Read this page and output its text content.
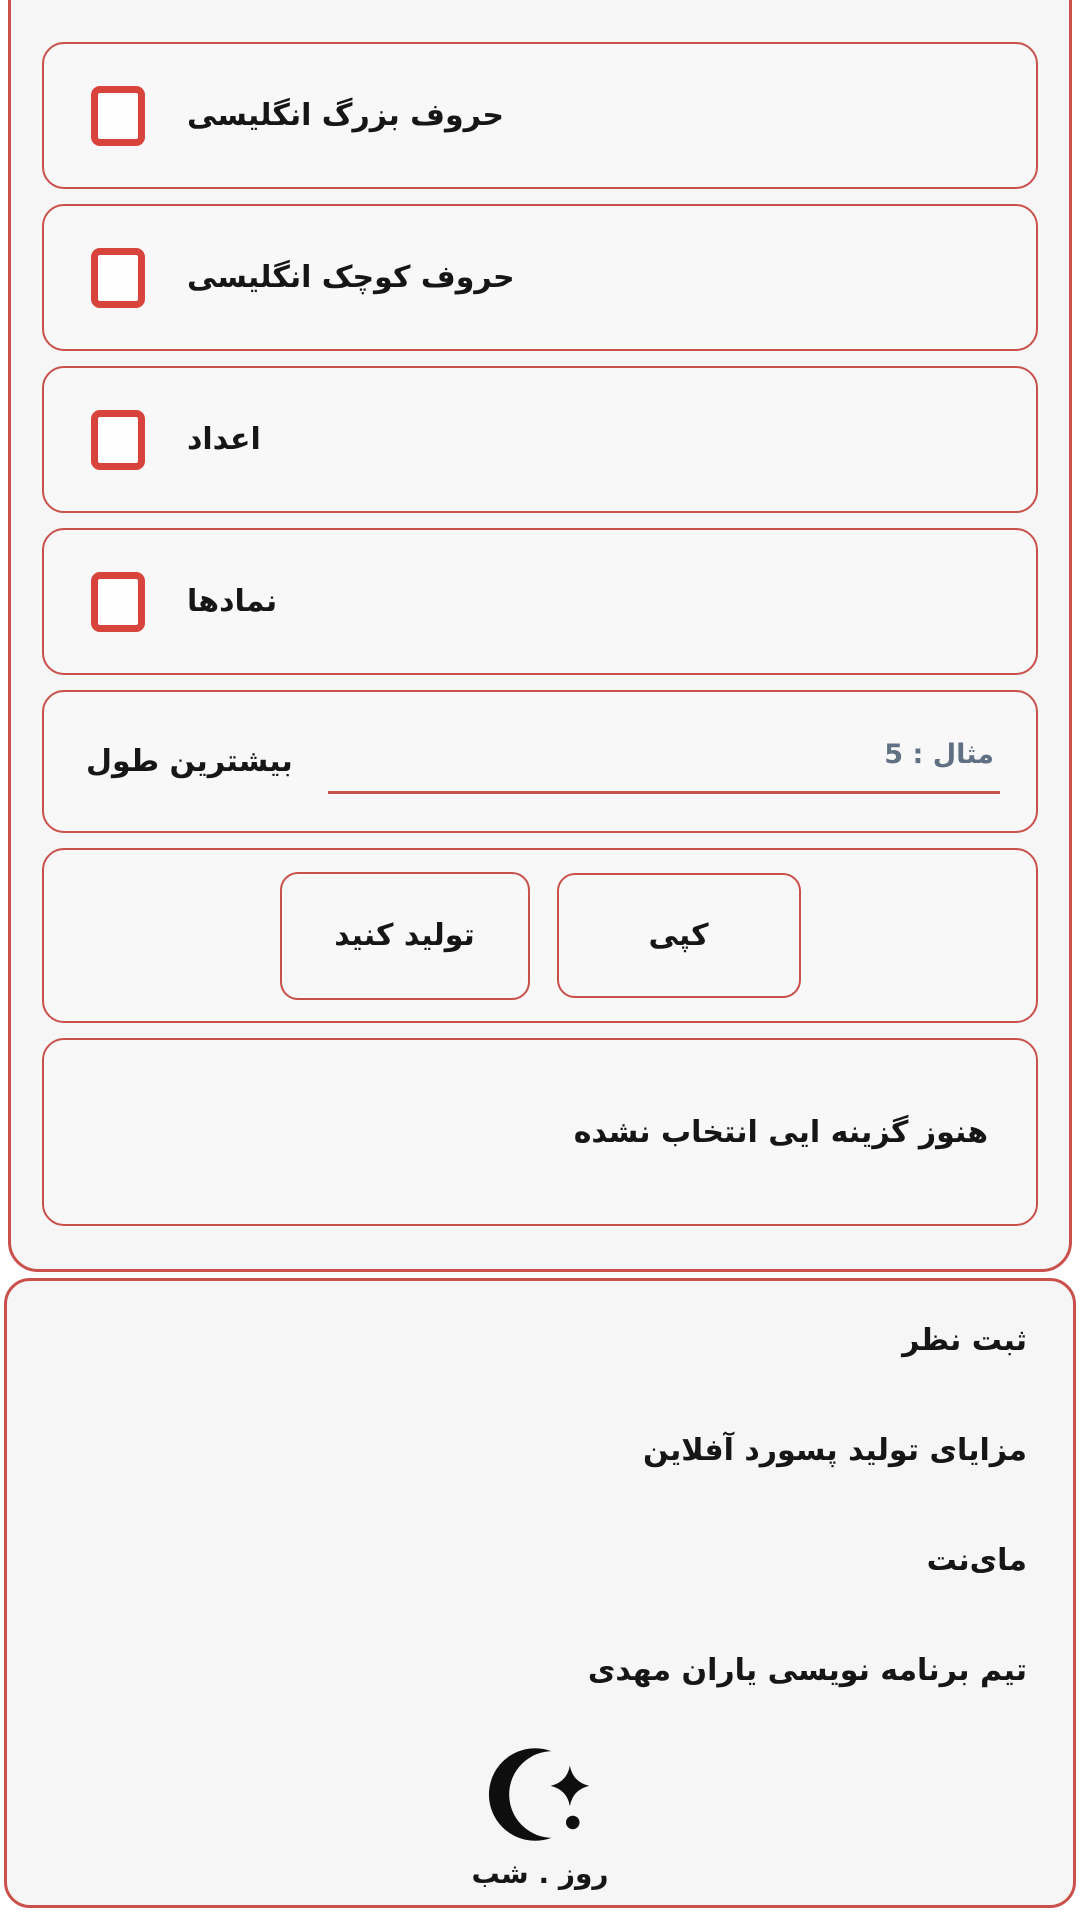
حروف بزرگ انگلیسی
حروف کوچک انگلیسی
اعداد
نمادها
بیشترین طول
مثال : 5
تولید کنید	کپی
هنوز گزینه ایی انتخاب نشده
ثبت نظر
مزایای تولید پسورد آفلاین
مای‌نت
تیم برنامه نویسی یاران مهدی
روز . شب
